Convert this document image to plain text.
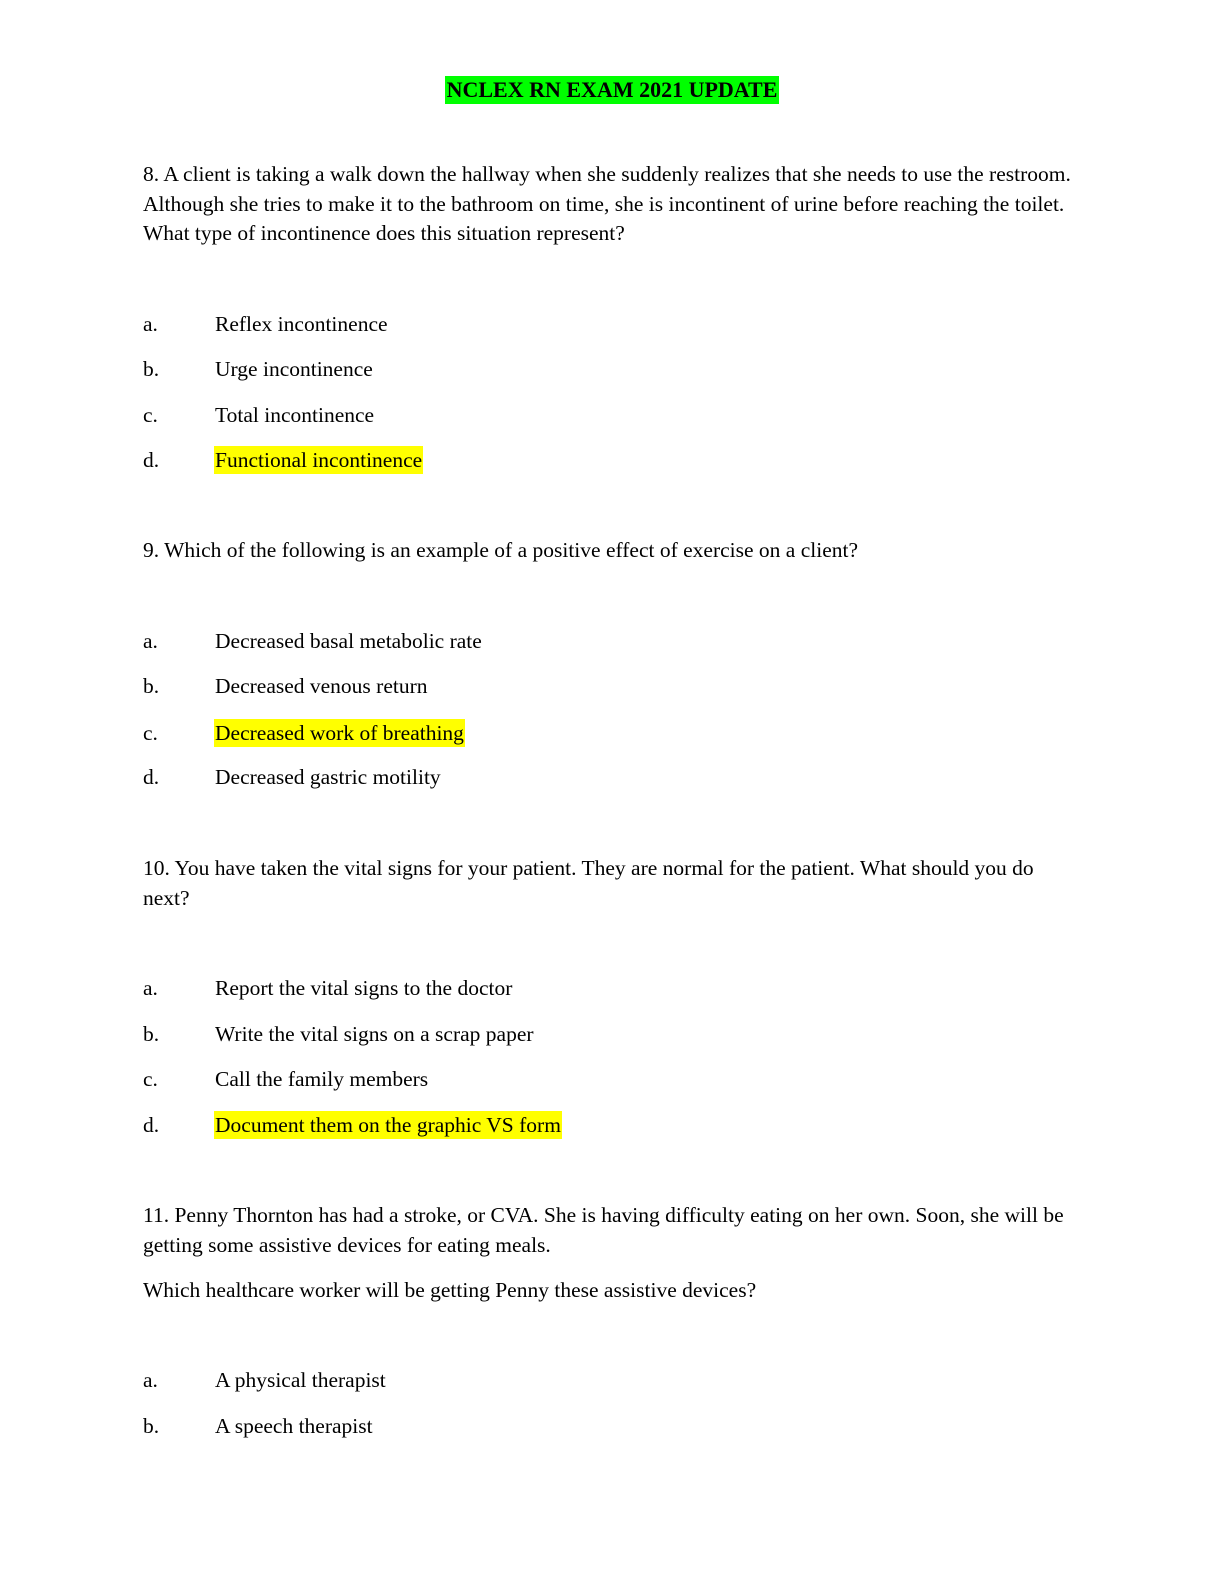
NCLEX RN EXAM 2021 UPDATE

8. A client is taking a walk down the hallway when she suddenly realizes that she needs to use the restroom. Although she tries to make it to the bathroom on time, she is incontinent of urine before reaching the toilet. What type of incontinence does this situation represent?

a.	Reflex incontinence
b.	Urge incontinence
c.	Total incontinence
d.	Functional incontinence

9. Which of the following is an example of a positive effect of exercise on a client?

a.	Decreased basal metabolic rate
b.	Decreased venous return
c.	Decreased work of breathing
d.	Decreased gastric motility

10. You have taken the vital signs for your patient. They are normal for the patient. What should you do next?

a.	Report the vital signs to the doctor
b.	Write the vital signs on a scrap paper
c.	Call the family members
d.	Document them on the graphic VS form

11. Penny Thornton has had a stroke, or CVA. She is having difficulty eating on her own. Soon, she will be getting some assistive devices for eating meals.

Which healthcare worker will be getting Penny these assistive devices?

a.	A physical therapist
b.	A speech therapist
